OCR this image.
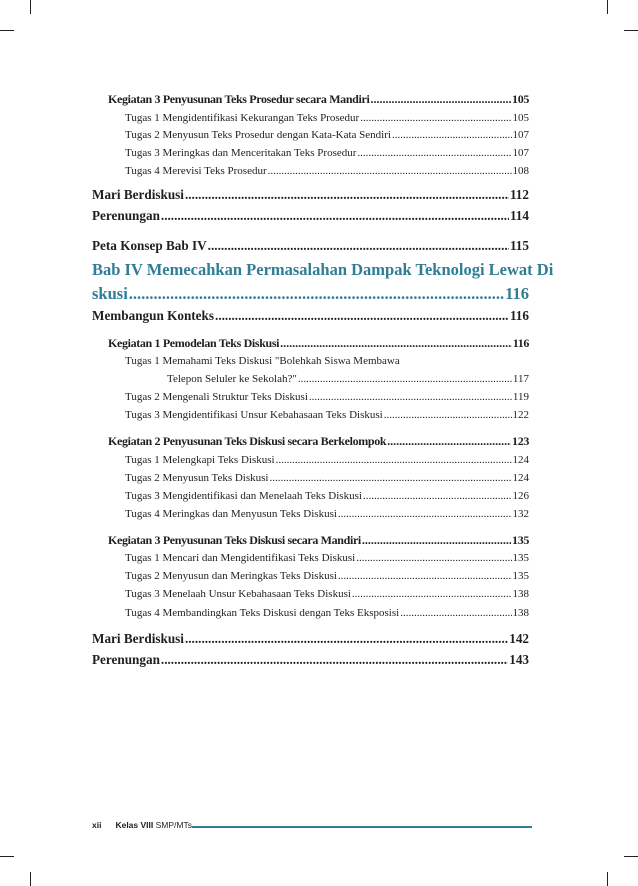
Kegiatan 3 Penyusunan Teks Prosedur secara Mandiri .....	105
Tugas 1 Mengidentifikasi Kekurangan Teks Prosedur .....	105
Tugas 2 Menyusun Teks Prosedur dengan Kata-Kata Sendiri .....	107
Tugas 3 Meringkas dan Menceritakan Teks Prosedur .....	107
Tugas 4 Merevisi Teks Prosedur .....	108
Mari Berdiskusi .....	112
Perenungan .....	114
Peta Konsep Bab IV .....	115
Bab IV Memecahkan Permasalahan Dampak Teknologi Lewat Di
skusi .....	116
Membangun Konteks .....	116
Kegiatan 1 Pemodelan Teks Diskusi .....	116
Tugas 1 Memahami Teks Diskusi "Bolehkah Siswa Membawa
Telepon Seluler ke Sekolah?" .....	117
Tugas 2 Mengenali Struktur Teks Diskusi .....	119
Tugas 3 Mengidentifikasi Unsur Kebahasaan Teks Diskusi .....	122
Kegiatan 2 Penyusunan Teks Diskusi secara Berkelompok .....	123
Tugas 1 Melengkapi Teks Diskusi .....	124
Tugas 2 Menyusun Teks Diskusi .....	124
Tugas 3 Mengidentifikasi dan Menelaah Teks Diskusi .....	126
Tugas 4 Meringkas dan Menyusun Teks Diskusi .....	132
Kegiatan 3 Penyusunan Teks Diskusi secara Mandiri .....	135
Tugas 1 Mencari dan Mengidentifikasi Teks Diskusi .....	135
Tugas 2 Menyusun dan Meringkas Teks Diskusi .....	135
Tugas 3 Menelaah Unsur Kebahasaan Teks Diskusi .....	138
Tugas 4 Membandingkan Teks Diskusi dengan Teks Eksposisi .....	138
Mari Berdiskusi .....	142
Perenungan .....	143
xii Kelas VIII SMP/MTs
